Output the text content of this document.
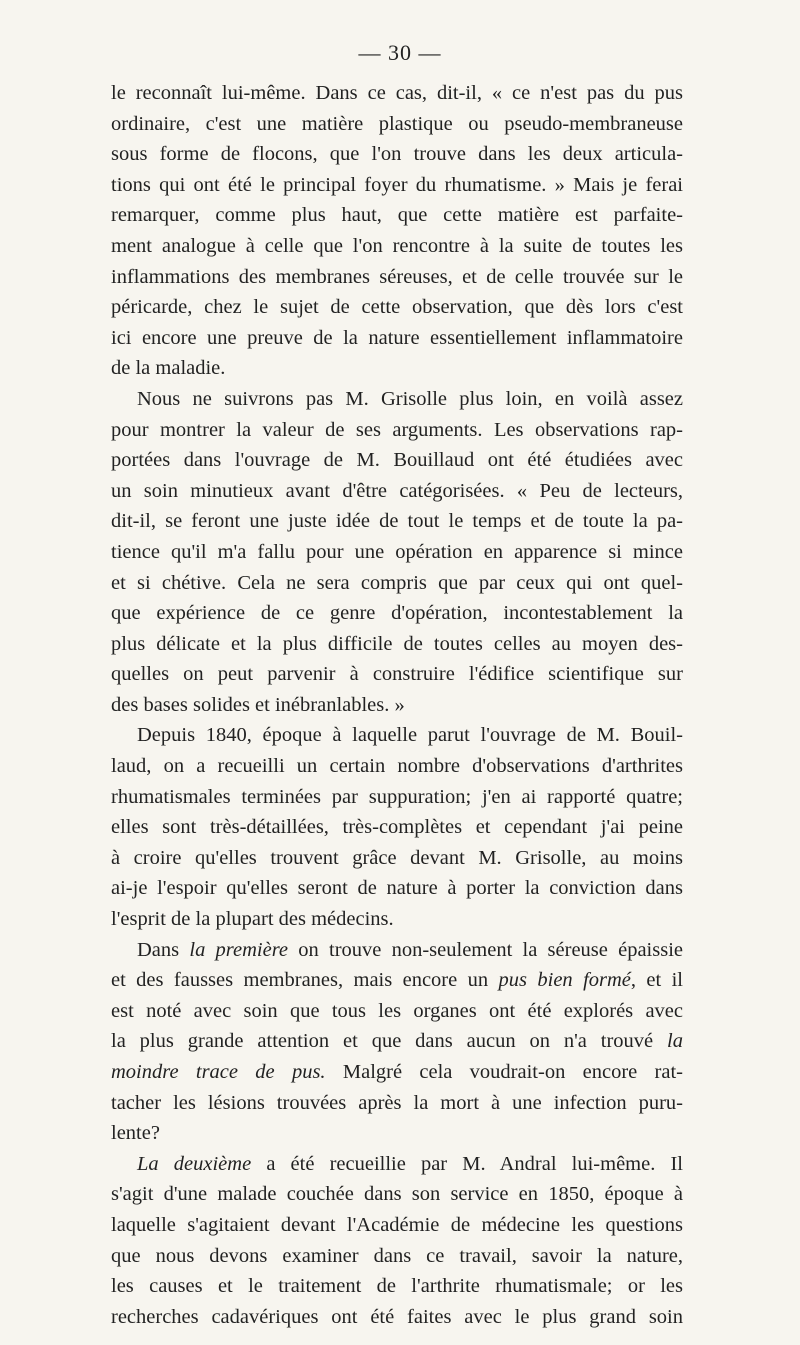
— 30 —
le reconnaît lui-même. Dans ce cas, dit-il, « ce n'est pas du pus
ordinaire, c'est une matière plastique ou pseudo-membraneuse
sous forme de flocons, que l'on trouve dans les deux articula-
tions qui ont été le principal foyer du rhumatisme. » Mais je ferai
remarquer, comme plus haut, que cette matière est parfaite-
ment analogue à celle que l'on rencontre à la suite de toutes les
inflammations des membranes séreuses, et de celle trouvée sur le
péricarde, chez le sujet de cette observation, que dès lors c'est
ici encore une preuve de la nature essentiellement inflammatoire
de la maladie.
Nous ne suivrons pas M. Grisolle plus loin, en voilà assez
pour montrer la valeur de ses arguments. Les observations rap-
portées dans l'ouvrage de M. Bouillaud ont été étudiées avec
un soin minutieux avant d'être catégorisées. « Peu de lecteurs,
dit-il, se feront une juste idée de tout le temps et de toute la pa-
tience qu'il m'a fallu pour une opération en apparence si mince
et si chétive. Cela ne sera compris que par ceux qui ont quel-
que expérience de ce genre d'opération, incontestablement la
plus délicate et la plus difficile de toutes celles au moyen des-
quelles on peut parvenir à construire l'édifice scientifique sur
des bases solides et inébranlables. »
Depuis 1840, époque à laquelle parut l'ouvrage de M. Bouil-
laud, on a recueilli un certain nombre d'observations d'arthrites
rhumatismales terminées par suppuration; j'en ai rapporté quatre;
elles sont très-détaillées, très-complètes et cependant j'ai peine
à croire qu'elles trouvent grâce devant M. Grisolle, au moins
ai-je l'espoir qu'elles seront de nature à porter la conviction dans
l'esprit de la plupart des médecins.
Dans la première on trouve non-seulement la séreuse épaissie
et des fausses membranes, mais encore un pus bien formé, et il
est noté avec soin que tous les organes ont été explorés avec
la plus grande attention et que dans aucun on n'a trouvé la
moindre trace de pus. Malgré cela voudrait-on encore rat-
tacher les lésions trouvées après la mort à une infection puru-
lente?
La deuxième a été recueillie par M. Andral lui-même. Il
s'agit d'une malade couchée dans son service en 1850, époque à
laquelle s'agitaient devant l'Académie de médecine les questions
que nous devons examiner dans ce travail, savoir la nature,
les causes et le traitement de l'arthrite rhumatismale; or les
recherches cadavériques ont été faites avec le plus grand soin
